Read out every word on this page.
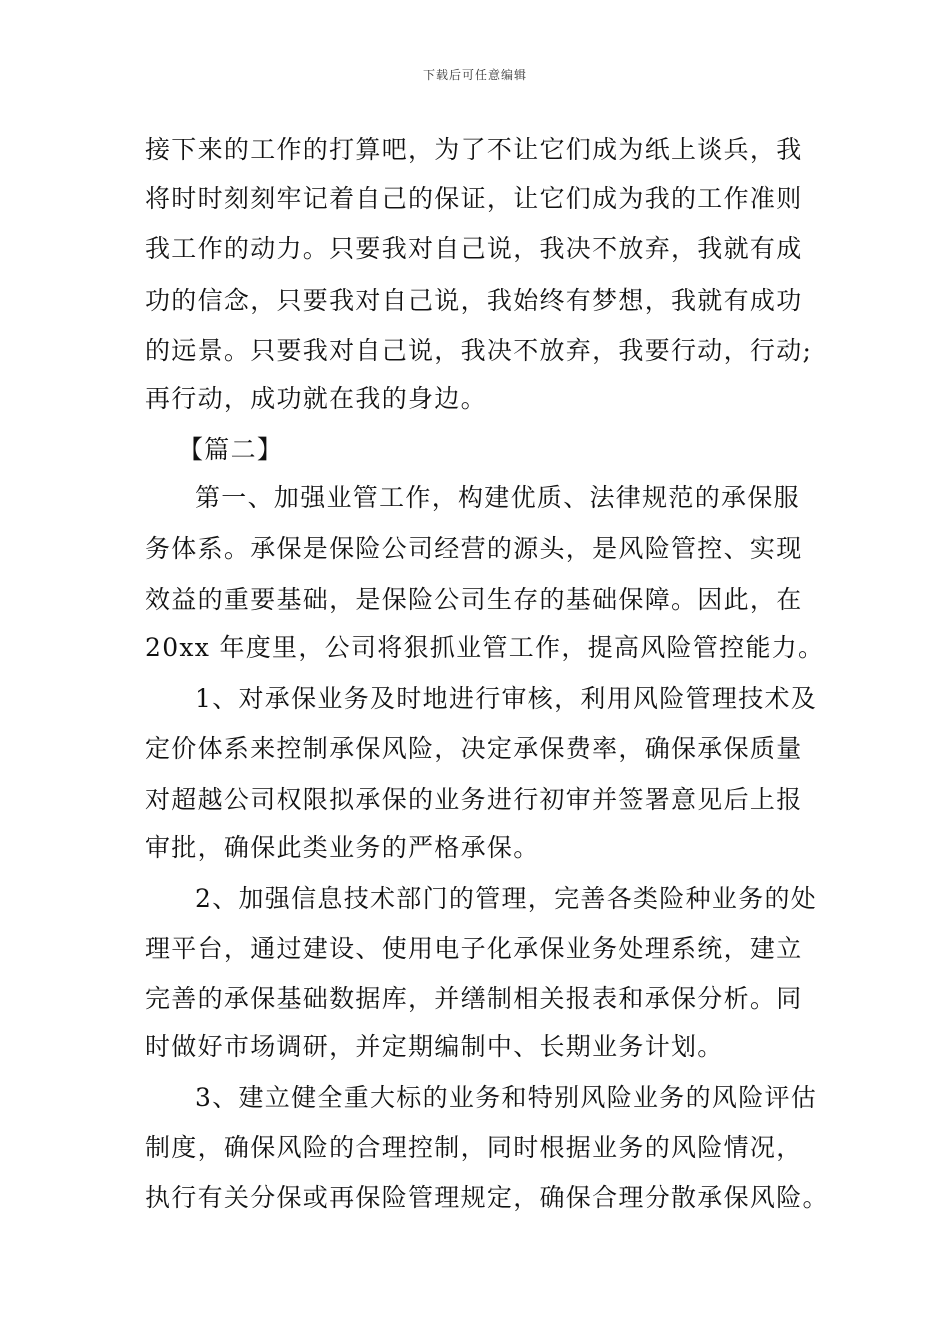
下载后可任意编辑
接下来的工作的打算吧，为了不让它们成为纸上谈兵，我
将时时刻刻牢记着自己的保证，让它们成为我的工作准则
我工作的动力。只要我对自己说，我决不放弃，我就有成
功的信念，只要我对自己说，我始终有梦想，我就有成功
的远景。只要我对自己说，我决不放弃，我要行动，行动;
再行动，成功就在我的身边。
【篇二】
第一、加强业管工作，构建优质、法律规范的承保服
务体系。承保是保险公司经营的源头，是风险管控、实现
效益的重要基础，是保险公司生存的基础保障。因此，在
20xx 年度里，公司将狠抓业管工作，提高风险管控能力。
1、对承保业务及时地进行审核，利用风险管理技术及
定价体系来控制承保风险，决定承保费率，确保承保质量
对超越公司权限拟承保的业务进行初审并签署意见后上报
审批，确保此类业务的严格承保。
2、加强信息技术部门的管理，完善各类险种业务的处
理平台，通过建设、使用电子化承保业务处理系统，建立
完善的承保基础数据库，并缮制相关报表和承保分析。同
时做好市场调研，并定期编制中、长期业务计划。
3、建立健全重大标的业务和特别风险业务的风险评估
制度，确保风险的合理控制，同时根据业务的风险情况，
执行有关分保或再保险管理规定，确保合理分散承保风险。
